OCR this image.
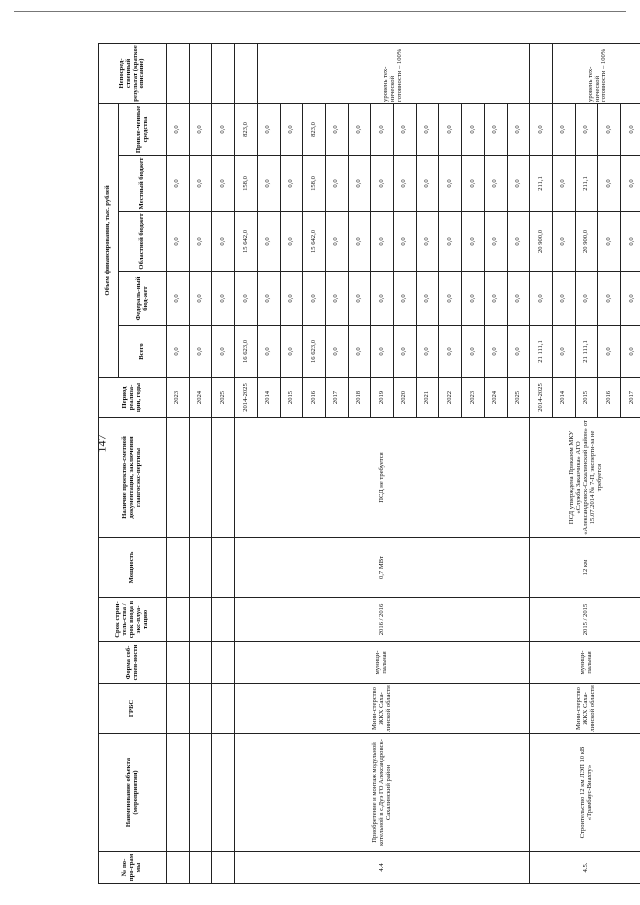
147
№ по-про-грам мы	Наименование объекта (мероприятия)	ГРБС	Форма соб-ствен-ности	Срок строи-тель-ства / срок ввода в экс-плуа-тацию	Мощность	Наличие проектно-сметной документации, заключения главгосэкс-пертизы	Период реализа-ции, годы	Объем финансирования, тыс. рублей					Непосред-ственный результат (краткое описание)
								Всего	Федераль-ный бюд-жет	Областной бюджет	Местный бюджет	Привле-ченные средства	
							2023	0,0	0,0	0,0	0,0	0,0	
							2024	0,0	0,0	0,0	0,0	0,0	
							2025	0,0	0,0	0,0	0,0	0,0	
4.4	Приобретение и монтаж модульной котельной в с.Дуэ ГО Александровск-Сахалинский район	Мини-стерство ЖКХ Саха-линской области	муници-пальная	2016 / 2016	0,7 МВт	ПСД не требуется	2014-2025	16 623,0	0,0	15 642,0	158,0	823,0	
							2014	0,0	0,0	0,0	0,0	0,0	уровень тех-нической готовности – 100%
							2015	0,0	0,0	0,0	0,0	0,0	
							2016	16 623,0	0,0	15 642,0	158,0	823,0	
							2017	0,0	0,0	0,0	0,0	0,0	
							2018	0,0	0,0	0,0	0,0	0,0	
							2019	0,0	0,0	0,0	0,0	0,0	
							2020	0,0	0,0	0,0	0,0	0,0	
							2021	0,0	0,0	0,0	0,0	0,0	
							2022	0,0	0,0	0,0	0,0	0,0	
							2023	0,0	0,0	0,0	0,0	0,0	
							2024	0,0	0,0	0,0	0,0	0,0	
							2025	0,0	0,0	0,0	0,0	0,0	
4.5.	Строительство 12 км ЛЭП 10 кВ «Трамбаус-Виахту»	Мини-стерство ЖКХ Саха-линской области	муници-пальная	2015 / 2015	12 км	ПСД утверждена Приказом МКУ «Служба Заказчика» АГО «Александровск-Сахалинский район» от 15.07.2014 № 7-П, эксперти-за не требуется	2014-2025	21 111,1	0,0	20 900,0	211,1	0,0	
							2014	0,0	0,0	0,0	0,0	0,0	уровень тех-нической готовности – 100%
							2015	21 111,1	0,0	20 900,0	211,1	0,0	
							2016	0,0	0,0	0,0	0,0	0,0	
							2017	0,0	0,0	0,0	0,0	0,0	
